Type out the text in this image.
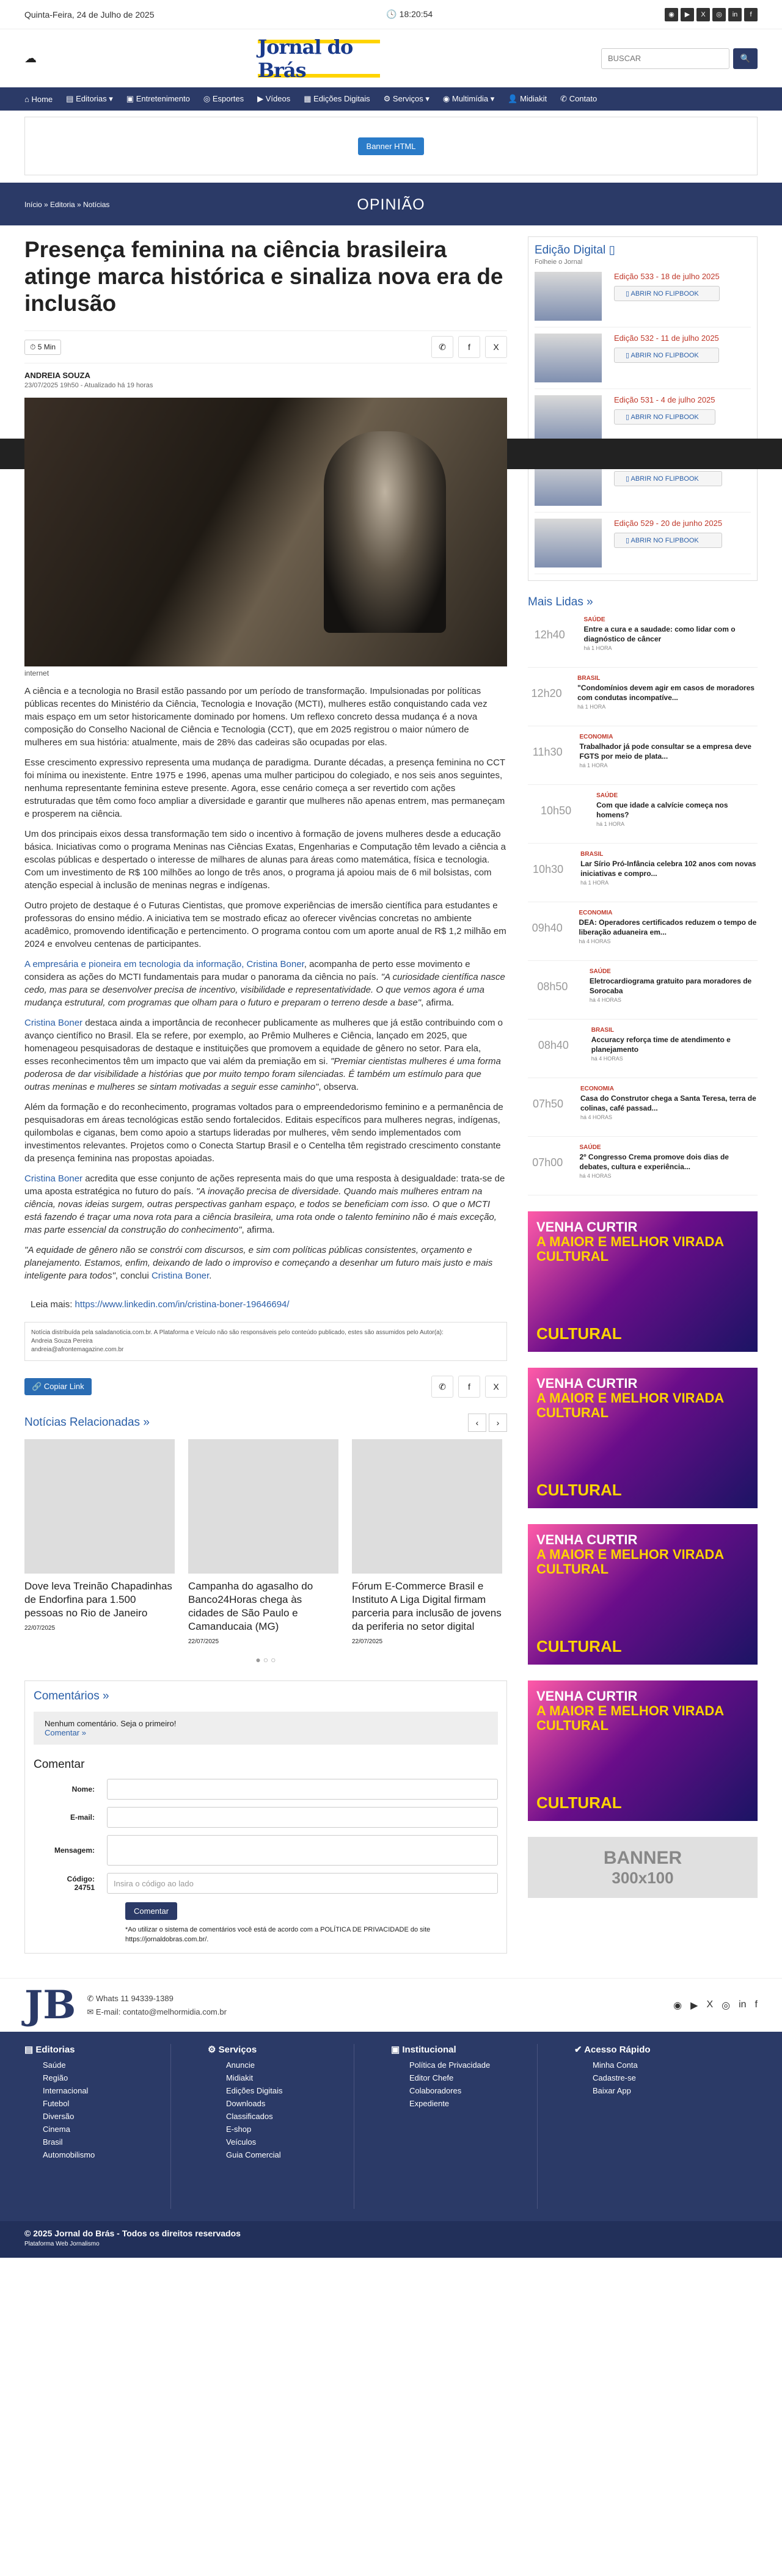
Quinta-Feira, 24 de Julho de 2025	🕓 18:20:54	◉	▶	X	◎	in	f
☁
Jornal do Brás
BUSCAR
🔍
⌂ Home ▤ Editorias ▾ ▣ Entretenimento ◎ Esportes ▶ Vídeos ▦ Edições Digitais ⚙ Serviços ▾ ◉ Multimídia ▾ 👤 Midiakit ✆ Contato
Banner HTML
Início » Editoria » Notícias	OPINIÃO
Presença feminina na ciência brasileira atinge marca histórica e sinaliza nova era de inclusão
⏱ 5 Min	✆	f	X
ANDREIA SOUZA
23/07/2025 19h50 - Atualizado há 19 horas
internet

A ciência e a tecnologia no Brasil estão passando por um período de transformação. Impulsionadas por políticas públicas recentes do Ministério da Ciência, Tecnologia e Inovação (MCTI), mulheres estão conquistando cada vez mais espaço em um setor historicamente dominado por homens. Um reflexo concreto dessa mudança é a nova composição do Conselho Nacional de Ciência e Tecnologia (CCT), que em 2025 registrou o maior número de mulheres em sua história: atualmente, mais de 28% das cadeiras são ocupadas por elas.

Esse crescimento expressivo representa uma mudança de paradigma. Durante décadas, a presença feminina no CCT foi mínima ou inexistente. Entre 1975 e 1996, apenas uma mulher participou do colegiado, e nos seis anos seguintes, nenhuma representante feminina esteve presente. Agora, esse cenário começa a ser revertido com ações estruturadas que têm como foco ampliar a diversidade e garantir que mulheres não apenas entrem, mas permaneçam e prosperem na ciência.

Um dos principais eixos dessa transformação tem sido o incentivo à formação de jovens mulheres desde a educação básica. Iniciativas como o programa Meninas nas Ciências Exatas, Engenharias e Computação têm levado a ciência a escolas públicas e despertado o interesse de milhares de alunas para áreas como matemática, física e tecnologia. Com um investimento de R$ 100 milhões ao longo de três anos, o programa já apoiou mais de 6 mil bolsistas, com atenção especial à inclusão de meninas negras e indígenas.

Outro projeto de destaque é o Futuras Cientistas, que promove experiências de imersão científica para estudantes e professoras do ensino médio. A iniciativa tem se mostrado eficaz ao oferecer vivências concretas no ambiente acadêmico, promovendo identificação e pertencimento. O programa contou com um aporte anual de R$ 1,2 milhão em 2024 e envolveu centenas de participantes.

A empresária e pioneira em tecnologia da informação, Cristina Boner, acompanha de perto esse movimento e considera as ações do MCTI fundamentais para mudar o panorama da ciência no país. "A curiosidade científica nasce cedo, mas para se desenvolver precisa de incentivo, visibilidade e representatividade. O que vemos agora é uma mudança estrutural, com programas que olham para o futuro e preparam o terreno desde a base", afirma.

Cristina Boner destaca ainda a importância de reconhecer publicamente as mulheres que já estão contribuindo com o avanço científico no Brasil. Ela se refere, por exemplo, ao Prêmio Mulheres e Ciência, lançado em 2025, que homenageou pesquisadoras de destaque e instituições que promovem a equidade de gênero no setor. Para ela, esses reconhecimentos têm um impacto que vai além da premiação em si. "Premiar cientistas mulheres é uma forma poderosa de dar visibilidade a histórias que por muito tempo foram silenciadas. É também um estímulo para que outras meninas e mulheres se sintam motivadas a seguir esse caminho", observa.

Além da formação e do reconhecimento, programas voltados para o empreendedorismo feminino e a permanência de pesquisadoras em áreas tecnológicas estão sendo fortalecidos. Editais específicos para mulheres negras, indígenas, quilombolas e ciganas, bem como apoio a startups lideradas por mulheres, vêm sendo implementados com investimentos relevantes. Projetos como o Conecta Startup Brasil e o Centelha têm registrado crescimento constante da presença feminina nas propostas apoiadas.

Cristina Boner acredita que esse conjunto de ações representa mais do que uma resposta à desigualdade: trata-se de uma aposta estratégica no futuro do país. "A inovação precisa de diversidade. Quando mais mulheres entram na ciência, novas ideias surgem, outras perspectivas ganham espaço, e todos se beneficiam com isso. O que o MCTI está fazendo é traçar uma nova rota para a ciência brasileira, uma rota onde o talento feminino não é mais exceção, mas parte essencial da construção do conhecimento", afirma.

"A equidade de gênero não se constrói com discursos, e sim com políticas públicas consistentes, orçamento e planejamento. Estamos, enfim, deixando de lado o improviso e começando a desenhar um futuro mais justo e mais inteligente para todos", conclui Cristina Boner.

Leia mais: https://www.linkedin.com/in/cristina-boner-19646694/

Notícia distribuída pela saladanoticia.com.br. A Plataforma e Veículo não são responsáveis pelo conteúdo publicado, estes são assumidos pelo Autor(a):
Andreia Souza Pereira
andreia@afrontemagazine.com.br
🔗 Copiar Link	✆	f	X
Notícias Relacionadas »	‹	›
Dove leva Treinão Chapadinhas de Endorfina para 1.500 pessoas no Rio de Janeiro
22/07/2025
Campanha do agasalho do Banco24Horas chega às cidades de São Paulo e Camanducaia (MG)
22/07/2025
Fórum E-Commerce Brasil e Instituto A Liga Digital firmam parceria para inclusão de jovens da periferia no setor digital
22/07/2025
● ○ ○
Comentários »
Nenhum comentário. Seja o primeiro!
Comentar »
Comentar
Nome:
E-mail:
Mensagem:
Código:
24751	Insira o código ao lado
Comentar
*Ao utilizar o sistema de comentários você está de acordo com a POLÍTICA DE PRIVACIDADE do site https://jornaldobras.com.br/.
Edição Digital ▯
Folheie o Jornal
Edição 533 - 18 de julho 2025
▯ ABRIR NO FLIPBOOK
Edição 532 - 11 de julho 2025
▯ ABRIR NO FLIPBOOK
Edição 531 - 4 de julho 2025
▯ ABRIR NO FLIPBOOK
▯ ABRIR NO FLIPBOOK
Edição 529 - 20 de junho 2025
▯ ABRIR NO FLIPBOOK
Mais Lidas »
12h40
SAÚDE
Entre a cura e a saudade: como lidar com o diagnóstico de câncer
há 1 HORA
12h20
BRASIL
"Condomínios devem agir em casos de moradores com condutas incompatíve...
há 1 HORA
11h30
ECONOMIA
Trabalhador já pode consultar se a empresa deve FGTS por meio de plata...
há 1 HORA
10h50
SAÚDE
Com que idade a calvície começa nos homens?
há 1 HORA
10h30
BRASIL
Lar Sírio Pró-Infância celebra 102 anos com novas iniciativas e compro...
há 1 HORA
09h40
ECONOMIA
DEA: Operadores certificados reduzem o tempo de liberação aduaneira em...
há 4 HORAS
08h50
SAÚDE
Eletrocardiograma gratuito para moradores de Sorocaba
há 4 HORAS
08h40
BRASIL
Accuracy reforça time de atendimento e planejamento
há 4 HORAS
07h50
ECONOMIA
Casa do Construtor chega a Santa Teresa, terra de colinas, café passad...
há 4 HORAS
07h00
SAÚDE
2º Congresso Crema promove dois dias de debates, cultura e experiência...
há 4 HORAS
VENHA CURTIR
A MAIOR E MELHOR VIRADA CULTURAL
CULTURAL
VENHA CURTIR
A MAIOR E MELHOR VIRADA CULTURAL
CULTURAL
VENHA CURTIR
A MAIOR E MELHOR VIRADA CULTURAL
CULTURAL
VENHA CURTIR
A MAIOR E MELHOR VIRADA CULTURAL
CULTURAL
BANNER
300x100
JB ✆ Whats 11 94339-1389
✉ E-mail: contato@melhormidia.com.br
◉ ▶ X ◎ in f
▤ Editorias
Saúde
Região
Internacional
Futebol
Diversão
Cinema
Brasil
Automobilismo
⚙ Serviços
Anuncie
Midiakit
Edições Digitais
Downloads
Classificados
E-shop
Veículos
Guia Comercial
▣ Institucional
Política de Privacidade
Editor Chefe
Colaboradores
Expediente
✔ Acesso Rápido
Minha Conta
Cadastre-se
Baixar App
© 2025 Jornal do Brás - Todos os direitos reservados
Plataforma Web Jornalismo
